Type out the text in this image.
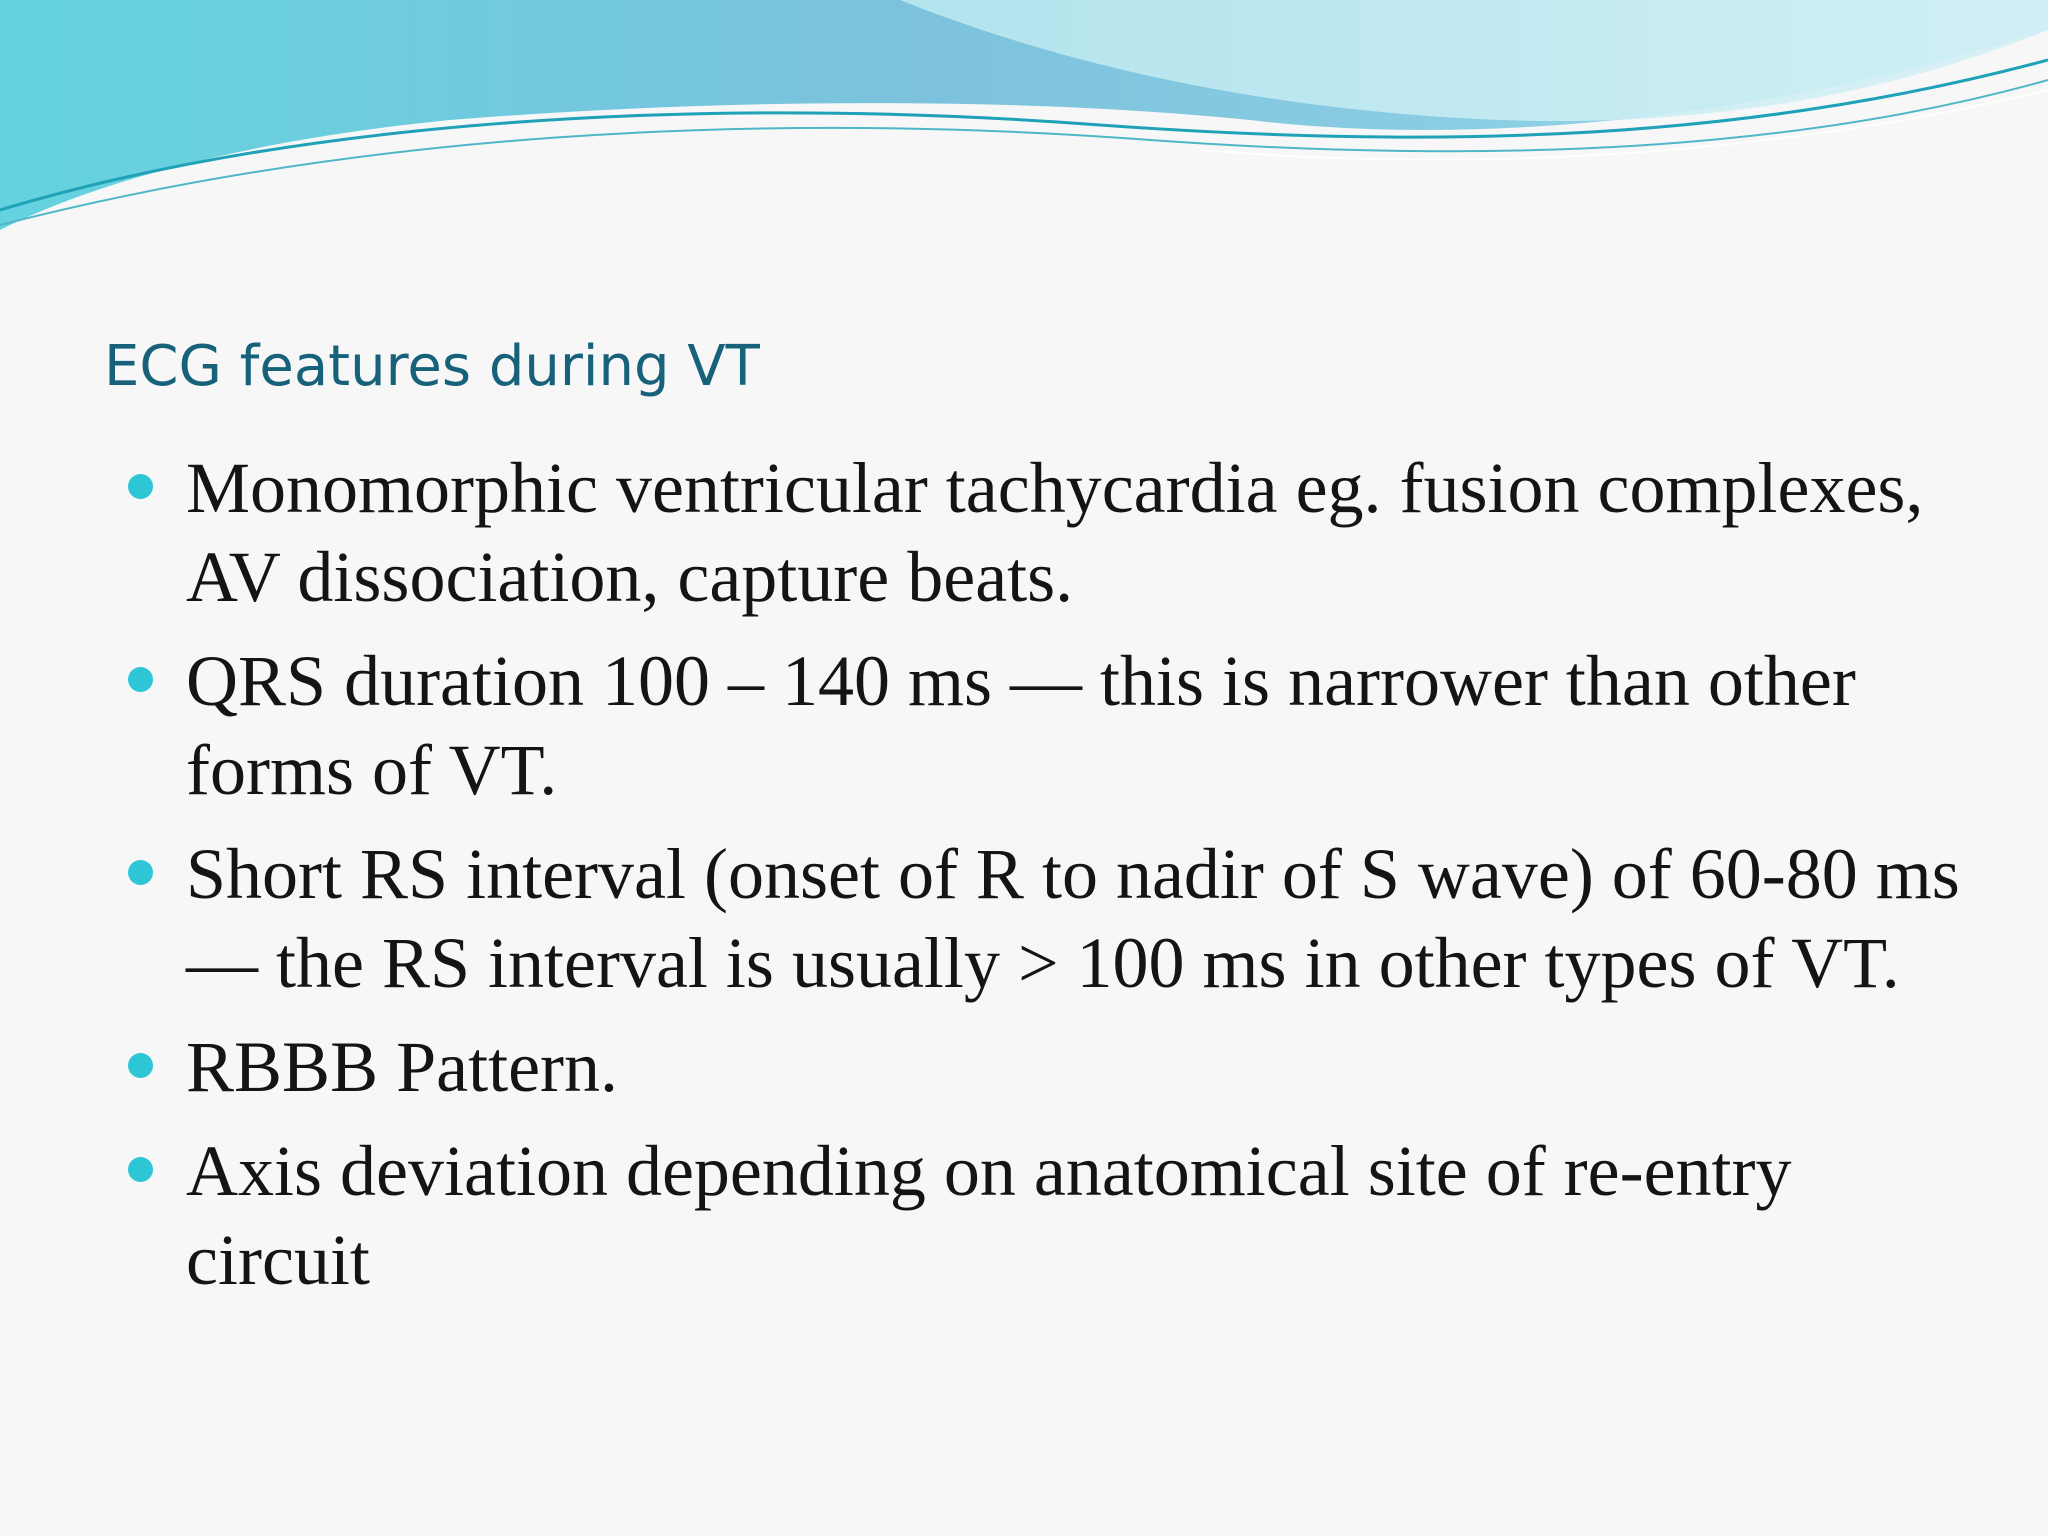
ECG features during VT
Monomorphic ventricular tachycardia eg. fusion complexes, AV dissociation, capture beats.
QRS duration 100 – 140 ms — this is narrower than other forms of VT.
Short RS interval (onset of R to nadir of S wave) of 60-80 ms — the RS interval is usually > 100 ms in other types of VT.
RBBB Pattern.
Axis deviation depending on anatomical site of re-entry circuit
